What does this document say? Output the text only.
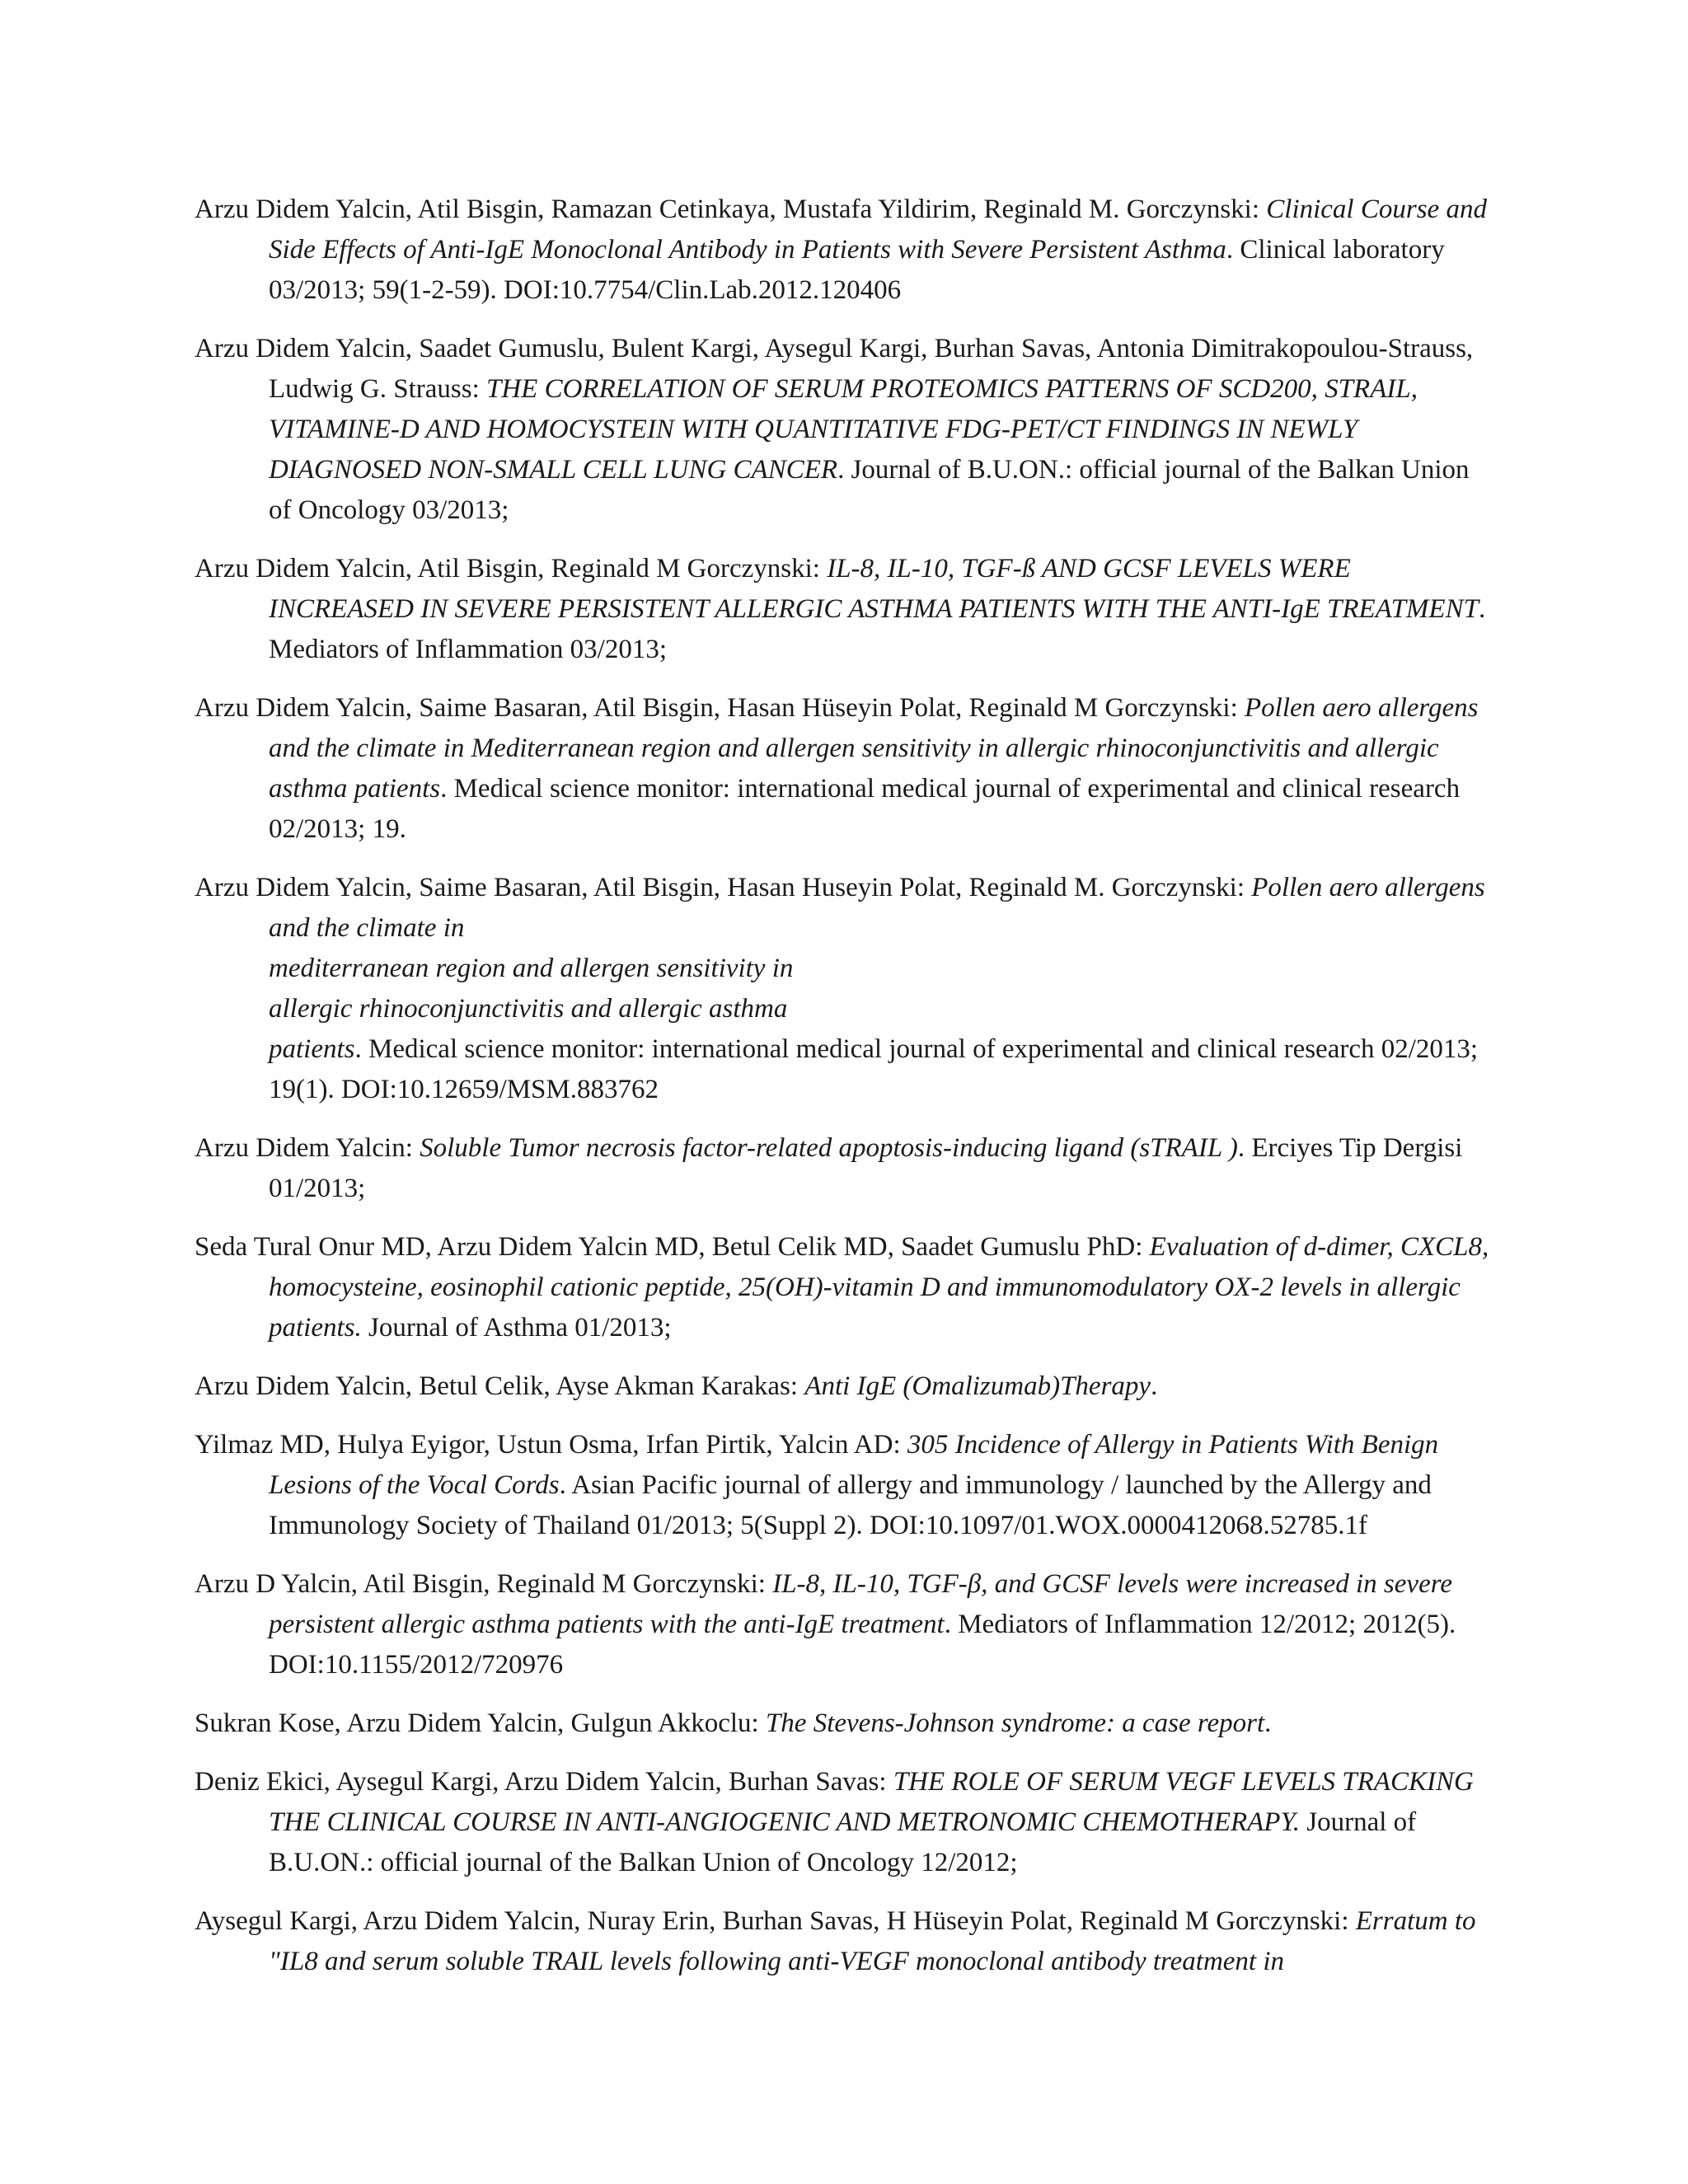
Arzu Didem Yalcin, Atil Bisgin, Ramazan Cetinkaya, Mustafa Yildirim, Reginald M. Gorczynski: Clinical Course and Side Effects of Anti-IgE Monoclonal Antibody in Patients with Severe Persistent Asthma. Clinical laboratory 03/2013; 59(1-2-59). DOI:10.7754/Clin.Lab.2012.120406

Arzu Didem Yalcin, Saadet Gumuslu, Bulent Kargi, Aysegul Kargi, Burhan Savas, Antonia Dimitrakopoulou-Strauss, Ludwig G. Strauss: THE CORRELATION OF SERUM PROTEOMICS PATTERNS OF SCD200, STRAIL, VITAMINE-D AND HOMOCYSTEIN WITH QUANTITATIVE FDG-PET/CT FINDINGS IN NEWLY DIAGNOSED NON-SMALL CELL LUNG CANCER. Journal of B.U.ON.: official journal of the Balkan Union of Oncology 03/2013;

Arzu Didem Yalcin, Atil Bisgin, Reginald M Gorczynski: IL-8, IL-10, TGF-ß AND GCSF LEVELS WERE INCREASED IN SEVERE PERSISTENT ALLERGIC ASTHMA PATIENTS WITH THE ANTI-IgE TREATMENT. Mediators of Inflammation 03/2013;

Arzu Didem Yalcin, Saime Basaran, Atil Bisgin, Hasan Hüseyin Polat, Reginald M Gorczynski: Pollen aero allergens and the climate in Mediterranean region and allergen sensitivity in allergic rhinoconjunctivitis and allergic asthma patients. Medical science monitor: international medical journal of experimental and clinical research 02/2013; 19.

Arzu Didem Yalcin, Saime Basaran, Atil Bisgin, Hasan Huseyin Polat, Reginald M. Gorczynski: Pollen aero allergens and the climate in
mediterranean region and allergen sensitivity in
allergic rhinoconjunctivitis and allergic asthma
patients. Medical science monitor: international medical journal of experimental and clinical research 02/2013; 19(1). DOI:10.12659/MSM.883762

Arzu Didem Yalcin: Soluble Tumor necrosis factor-related apoptosis-inducing ligand (sTRAIL ). Erciyes Tip Dergisi 01/2013;

Seda Tural Onur MD, Arzu Didem Yalcin MD, Betul Celik MD, Saadet Gumuslu PhD: Evaluation of d-dimer, CXCL8, homocysteine, eosinophil cationic peptide, 25(OH)-vitamin D and immunomodulatory OX-2 levels in allergic patients. Journal of Asthma 01/2013;

Arzu Didem Yalcin, Betul Celik, Ayse Akman Karakas: Anti IgE (Omalizumab)Therapy.

Yilmaz MD, Hulya Eyigor, Ustun Osma, Irfan Pirtik, Yalcin AD: 305 Incidence of Allergy in Patients With Benign Lesions of the Vocal Cords. Asian Pacific journal of allergy and immunology / launched by the Allergy and Immunology Society of Thailand 01/2013; 5(Suppl 2). DOI:10.1097/01.WOX.0000412068.52785.1f

Arzu D Yalcin, Atil Bisgin, Reginald M Gorczynski: IL-8, IL-10, TGF-β, and GCSF levels were increased in severe persistent allergic asthma patients with the anti-IgE treatment. Mediators of Inflammation 12/2012; 2012(5). DOI:10.1155/2012/720976

Sukran Kose, Arzu Didem Yalcin, Gulgun Akkoclu: The Stevens-Johnson syndrome: a case report.

Deniz Ekici, Aysegul Kargi, Arzu Didem Yalcin, Burhan Savas: THE ROLE OF SERUM VEGF LEVELS TRACKING THE CLINICAL COURSE IN ANTI-ANGIOGENIC AND METRONOMIC CHEMOTHERAPY. Journal of B.U.ON.: official journal of the Balkan Union of Oncology 12/2012;

Aysegul Kargi, Arzu Didem Yalcin, Nuray Erin, Burhan Savas, H Hüseyin Polat, Reginald M Gorczynski: Erratum to "IL8 and serum soluble TRAIL levels following anti-VEGF monoclonal antibody treatment in
